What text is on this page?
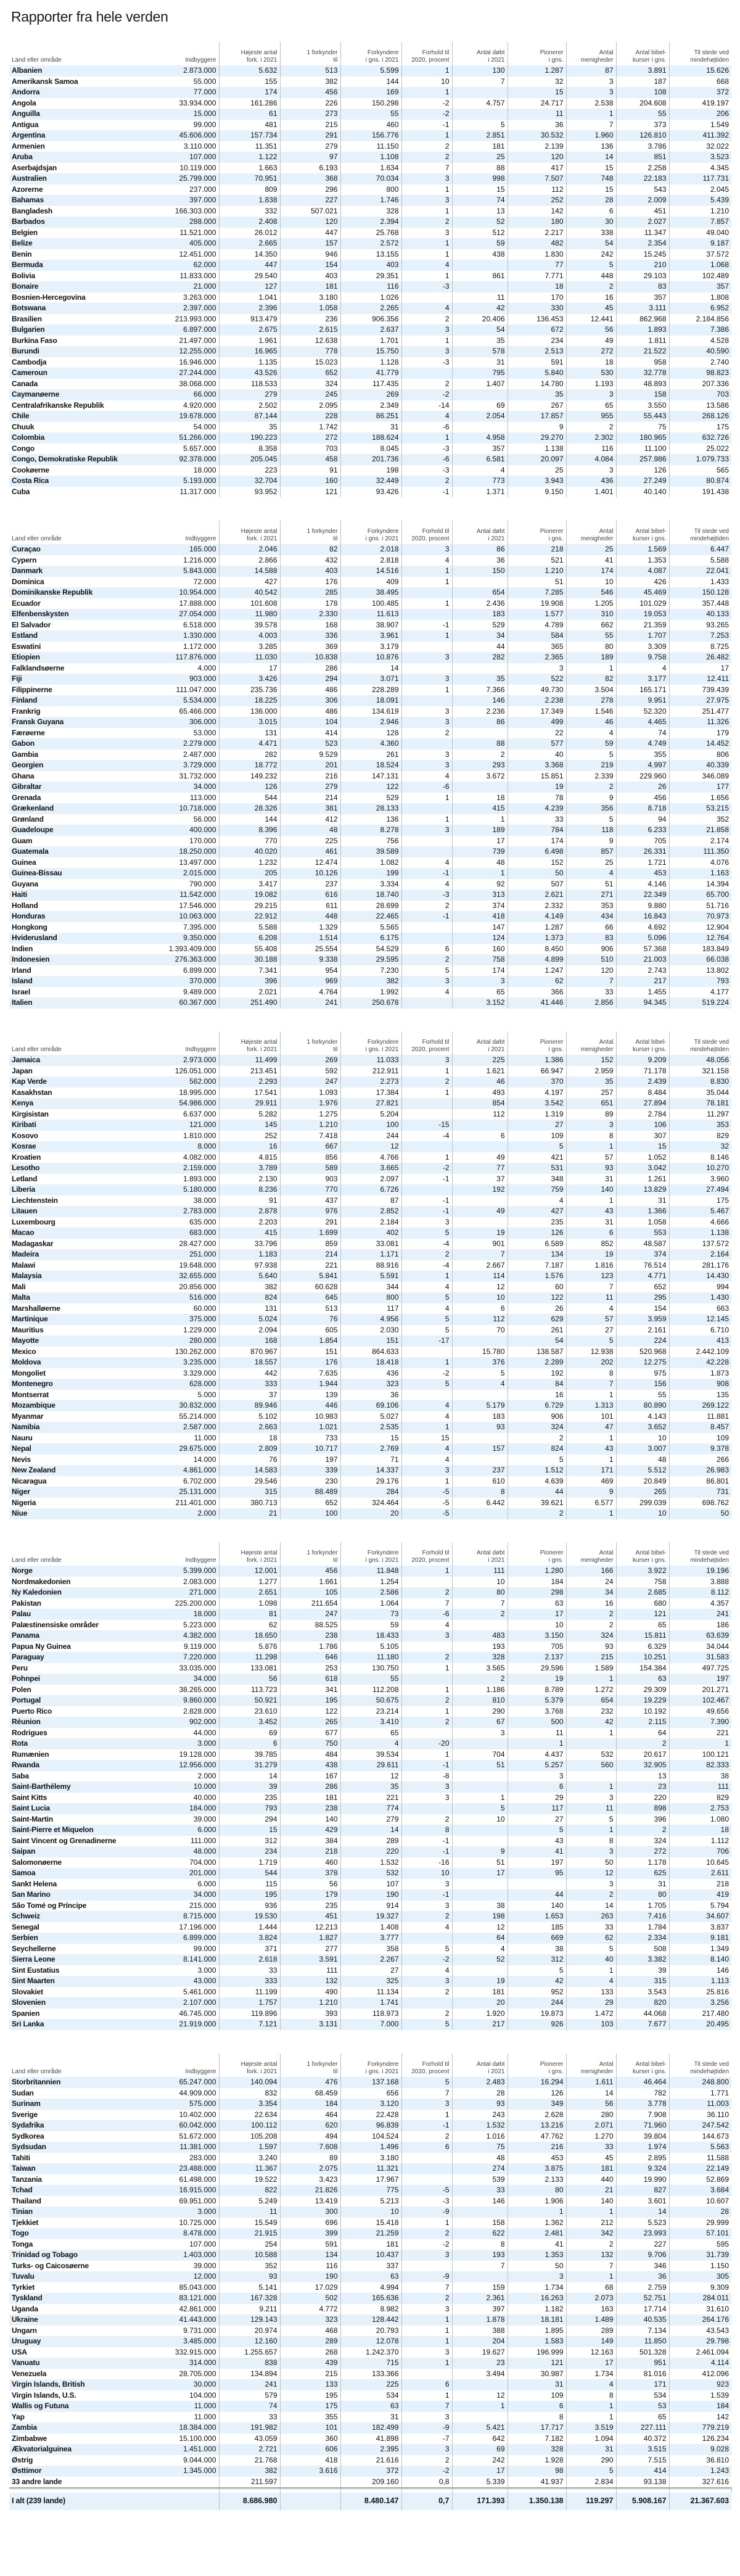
Rapporter fra hele verden
Land eller område	Indbyggere	Højeste antal
fork. i 2021	1 forkynder
til	Forkyndere
i gns. i 2021	Forhold til
2020, procent	Antal døbt
i 2021	Pionerer
i gns.	Antal
menigheder	Antal bibel-
kurser i gns.	Til stede ved
mindehøjtiden
Albanien	2.873.000	5.632	513	5.599	1	130	1.287	87	3.891	15.626
Amerikansk Samoa	55.000	155	382	144	10	7	32	3	187	668
Andorra	77.000	174	456	169	1		15	3	108	372
Angola	33.934.000	161.286	226	150.298	-2	4.757	24.717	2.538	204.608	419.197
Anguilla	15.000	61	273	55	-2		11	1	55	206
Antigua	99.000	481	215	460	-1	5	36	7	373	1.549
Argentina	45.606.000	157.734	291	156.776	1	2.851	30.532	1.960	126.810	411.392
Armenien	3.110.000	11.351	279	11.150	2	181	2.139	136	3.786	32.022
Aruba	107.000	1.122	97	1.108	2	25	120	14	851	3.523
Aserbajdsjan	10.119.000	1.663	6.193	1.634	7	88	417	15	2.258	4.345
Australien	25.799.000	70.951	368	70.034	3	998	7.507	748	22.183	117.731
Azorerne	237.000	809	296	800	1	15	112	15	543	2.045
Bahamas	397.000	1.838	227	1.746	3	74	252	28	2.009	5.439
Bangladesh	166.303.000	332	507.021	328	1	13	142	6	451	1.210
Barbados	288.000	2.408	120	2.394	2	52	180	30	2.027	7.857
Belgien	11.521.000	26.012	447	25.768	3	512	2.217	338	11.347	49.040
Belize	405.000	2.665	157	2.572	1	59	482	54	2.354	9.187
Benin	12.451.000	14.350	946	13.155	1	438	1.830	242	15.245	37.572
Bermuda	62.000	447	154	403	4		77	5	210	1.068
Bolivia	11.833.000	29.540	403	29.351	1	861	7.771	448	29.103	102.489
Bonaire	21.000	127	181	116	-3		18	2	83	357
Bosnien-Hercegovina	3.263.000	1.041	3.180	1.026		11	170	16	357	1.808
Botswana	2.397.000	2.396	1.058	2.265	4	42	330	45	3.111	6.952
Brasilien	213.993.000	913.479	236	906.356	2	20.406	136.453	12.441	862.968	2.184.856
Bulgarien	6.897.000	2.675	2.615	2.637	3	54	672	56	1.893	7.386
Burkina Faso	21.497.000	1.961	12.638	1.701	1	35	234	49	1.811	4.528
Burundi	12.255.000	16.965	778	15.750	3	578	2.513	272	21.522	40.590
Cambodja	16.946.000	1.135	15.023	1.128	-3	31	591	18	958	2.740
Cameroun	27.244.000	43.526	652	41.779		795	5.840	530	32.778	98.823
Canada	38.068.000	118.533	324	117.435	2	1.407	14.780	1.193	48.893	207.336
Caymanøerne	66.000	279	245	269	-2		35	3	158	703
Centralafrikanske Republik	4.920.000	2.502	2.095	2.349	-14	69	267	65	3.550	13.586
Chile	19.678.000	87.144	228	86.251	4	2.054	17.857	955	55.443	268.126
Chuuk	54.000	35	1.742	31	-6		9	2	75	175
Colombia	51.266.000	190.223	272	188.624	1	4.958	29.270	2.302	180.965	632.726
Congo	5.657.000	8.358	703	8.045	-3	357	1.138	116	11.100	25.022
Congo, Demokratiske Republik	92.378.000	205.045	458	201.736	-6	6.581	20.097	4.084	257.986	1.079.733
Cookøerne	18.000	223	91	198	-3	4	25	3	126	565
Costa Rica	5.193.000	32.704	160	32.449	2	773	3.943	436	27.249	80.874
Cuba	11.317.000	93.952	121	93.426	-1	1.371	9.150	1.401	40.140	191.438
Land eller område	Indbyggere	Højeste antal
fork. i 2021	1 forkynder
til	Forkyndere
i gns. i 2021	Forhold til
2020, procent	Antal døbt
i 2021	Pionerer
i gns.	Antal
menigheder	Antal bibel-
kurser i gns.	Til stede ved
mindehøjtiden
Curaçao	165.000	2.046	82	2.018	3	86	218	25	1.569	6.447
Cypern	1.216.000	2.866	432	2.818	4	36	521	41	1.353	5.588
Danmark	5.843.000	14.588	403	14.516	1	150	1.210	174	4.087	22.041
Dominica	72.000	427	176	409	1		51	10	426	1.433
Dominikanske Republik	10.954.000	40.542	285	38.495		654	7.285	546	45.469	150.128
Ecuador	17.888.000	101.608	178	100.485	1	2.436	19.908	1.205	101.029	357.448
Elfenbenskysten	27.054.000	11.980	2.330	11.613		183	1.577	310	19.053	40.133
El Salvador	6.518.000	39.578	168	38.907	-1	529	4.789	662	21.359	93.265
Estland	1.330.000	4.003	336	3.961	1	34	584	55	1.707	7.253
Eswatini	1.172.000	3.285	369	3.179		44	365	80	3.309	8.725
Etiopien	117.876.000	11.030	10.838	10.876	3	282	2.365	189	9.758	26.482
Falklandsøerne	4.000	17	286	14			3	1	4	17
Fiji	903.000	3.426	294	3.071	3	35	522	82	3.177	12.411
Filippinerne	111.047.000	235.736	486	228.289	1	7.366	49.730	3.504	165.171	739.439
Finland	5.534.000	18.225	306	18.091		146	2.238	278	9.951	27.975
Frankrig	65.466.000	136.000	486	134.619	3	2.236	17.349	1.546	52.320	251.477
Fransk Guyana	306.000	3.015	104	2.946	3	86	499	46	4.465	11.326
Færøerne	53.000	131	414	128	2		22	4	74	179
Gabon	2.279.000	4.471	523	4.360		88	577	59	4.749	14.452
Gambia	2.487.000	282	9.529	261	3	2	40	5	355	806
Georgien	3.729.000	18.772	201	18.524	3	293	3.368	219	4.997	40.339
Ghana	31.732.000	149.232	216	147.131	4	3.672	15.851	2.339	229.960	346.089
Gibraltar	34.000	126	279	122	-6		19	2	26	177
Grenada	113.000	544	214	529	1	18	78	9	456	1.656
Grækenland	10.718.000	28.326	381	28.133		415	4.239	356	8.718	53.215
Grønland	56.000	144	412	136	1	1	33	5	94	352
Guadeloupe	400.000	8.396	48	8.278	3	189	784	118	6.233	21.858
Guam	170.000	770	225	756		17	174	9	705	2.174
Guatemala	18.250.000	40.020	461	39.589		739	6.498	857	26.331	111.350
Guinea	13.497.000	1.232	12.474	1.082	4	48	152	25	1.721	4.076
Guinea-Bissau	2.015.000	205	10.126	199	-1	1	50	4	453	1.163
Guyana	790.000	3.417	237	3.334	4	92	507	51	4.146	14.394
Haiti	11.542.000	19.082	616	18.740	-3	313	2.621	271	22.349	65.700
Holland	17.546.000	29.215	611	28.699	2	374	2.332	353	9.880	51.716
Honduras	10.063.000	22.912	448	22.465	-1	418	4.149	434	16.843	70.973
Hongkong	7.395.000	5.588	1.329	5.565		147	1.287	66	4.692	12.904
Hviderusland	9.350.000	6.208	1.514	6.175		124	1.373	83	5.096	12.764
Indien	1.393.409.000	55.408	25.554	54.529	6	160	8.450	906	57.368	183.849
Indonesien	276.363.000	30.188	9.338	29.595	2	758	4.899	510	21.003	66.038
Irland	6.899.000	7.341	954	7.230	5	174	1.247	120	2.743	13.802
Island	370.000	396	969	382	3	3	62	7	217	793
Israel	9.489.000	2.021	4.764	1.992	4	65	366	33	1.455	4.177
Italien	60.367.000	251.490	241	250.678		3.152	41.446	2.856	94.345	519.224
Land eller område	Indbyggere	Højeste antal
fork. i 2021	1 forkynder
til	Forkyndere
i gns. i 2021	Forhold til
2020, procent	Antal døbt
i 2021	Pionerer
i gns.	Antal
menigheder	Antal bibel-
kurser i gns.	Til stede ved
mindehøjtiden
Jamaica	2.973.000	11.499	269	11.033	3	225	1.386	152	9.209	48.056
Japan	126.051.000	213.451	592	212.911	1	1.621	66.947	2.959	71.178	321.158
Kap Verde	562.000	2.293	247	2.273	2	46	370	35	2.439	8.830
Kasakhstan	18.995.000	17.541	1.093	17.384	1	493	4.197	257	8.484	35.044
Kenya	54.986.000	29.911	1.976	27.821		854	3.542	651	27.894	78.181
Kirgisistan	6.637.000	5.282	1.275	5.204		112	1.319	89	2.784	11.297
Kiribati	121.000	145	1.210	100	-15		27	3	106	353
Kosovo	1.810.000	252	7.418	244	-4	6	109	8	307	829
Kosrae	8.000	16	667	12			5	1	15	32
Kroatien	4.082.000	4.815	856	4.766	1	49	421	57	1.052	8.146
Lesotho	2.159.000	3.789	589	3.665	-2	77	531	93	3.042	10.270
Letland	1.893.000	2.130	903	2.097	-1	37	348	31	1.261	3.960
Liberia	5.180.000	8.236	770	6.726		192	759	140	13.829	27.494
Liechtenstein	38.000	91	437	87	-1		4	1	31	175
Litauen	2.783.000	2.878	976	2.852	-1	49	427	43	1.366	5.467
Luxembourg	635.000	2.203	291	2.184	3		235	31	1.058	4.666
Macao	683.000	415	1.699	402	5	19	126	6	553	1.138
Madagaskar	28.427.000	33.796	859	33.081	-4	901	6.589	852	48.587	137.572
Madeira	251.000	1.183	214	1.171	2	7	134	19	374	2.164
Malawi	19.648.000	97.938	221	88.916	-4	2.667	7.187	1.816	76.514	281.176
Malaysia	32.655.000	5.640	5.841	5.591	1	114	1.576	123	4.771	14.430
Mali	20.856.000	382	60.628	344	4	12	60	7	652	994
Malta	516.000	824	645	800	5	10	122	11	295	1.430
Marshalløerne	60.000	131	513	117	4	6	26	4	154	663
Martinique	375.000	5.024	76	4.956	5	112	629	57	3.959	12.145
Mauritius	1.229.000	2.094	605	2.030	5	70	261	27	2.161	6.710
Mayotte	280.000	168	1.854	151	-17		54	5	224	413
Mexico	130.262.000	870.967	151	864.633		15.780	138.587	12.938	520.968	2.442.109
Moldova	3.235.000	18.557	176	18.418	1	376	2.289	202	12.275	42.228
Mongoliet	3.329.000	442	7.635	436	-2	5	192	8	975	1.873
Montenegro	628.000	333	1.944	323	5	4	84	7	156	908
Montserrat	5.000	37	139	36			16	1	55	135
Mozambique	30.832.000	89.946	446	69.106	4	5.179	6.729	1.313	80.890	269.122
Myanmar	55.214.000	5.102	10.983	5.027	4	183	906	101	4.143	11.881
Namibia	2.587.000	2.663	1.021	2.535	1	93	324	47	3.652	8.457
Nauru	11.000	18	733	15	15		2	1	10	109
Nepal	29.675.000	2.809	10.717	2.769	4	157	824	43	3.007	9.378
Nevis	14.000	76	197	71	4		5	1	48	266
New Zealand	4.861.000	14.583	339	14.337	3	237	1.512	171	5.512	26.983
Nicaragua	6.702.000	29.546	230	29.176	1	610	4.639	469	20.849	86.801
Niger	25.131.000	315	88.489	284	-5	8	44	9	265	731
Nigeria	211.401.000	380.713	652	324.464	-5	6.442	39.621	6.577	299.039	698.762
Niue	2.000	21	100	20	-5		2	1	10	50
Land eller område	Indbyggere	Højeste antal
fork. i 2021	1 forkynder
til	Forkyndere
i gns. i 2021	Forhold til
2020, procent	Antal døbt
i 2021	Pionerer
i gns.	Antal
menigheder	Antal bibel-
kurser i gns.	Til stede ved
mindehøjtiden
Norge	5.399.000	12.001	456	11.848	1	111	1.280	166	3.922	19.196
Nordmakedonien	2.083.000	1.277	1.661	1.254		10	184	24	758	3.888
Ny Kaledonien	271.000	2.651	105	2.586	2	80	298	34	2.685	8.112
Pakistan	225.200.000	1.098	211.654	1.064	7	7	63	16	680	4.357
Palau	18.000	81	247	73	-6	2	17	2	121	241
Palæstinensiske områder	5.223.000	62	88.525	59	4		10	2	65	186
Panama	4.382.000	18.650	238	18.433	3	483	3.150	324	15.811	63.639
Papua Ny Guinea	9.119.000	5.876	1.786	5.105		193	705	93	6.329	34.044
Paraguay	7.220.000	11.298	646	11.180	2	328	2.137	215	10.251	31.583
Peru	33.035.000	133.081	253	130.750	1	3.565	29.596	1.589	154.384	497.725
Pohnpei	34.000	56	618	55		2	19	1	63	197
Polen	38.265.000	113.723	341	112.208	1	1.186	8.789	1.272	29.309	201.271
Portugal	9.860.000	50.921	195	50.675	2	810	5.379	654	19.229	102.467
Puerto Rico	2.828.000	23.610	122	23.214	1	290	3.768	232	10.192	49.656
Réunion	902.000	3.452	265	3.410	2	67	500	42	2.115	7.390
Rodrigues	44.000	69	677	65		3	11	1	64	221
Rota	3.000	6	750	4	-20		1		2	1
Rumænien	19.128.000	39.785	484	39.534	1	704	4.437	532	20.617	100.121
Rwanda	12.956.000	31.279	438	29.611	-1	51	5.257	560	32.905	82.333
Saba	2.000	14	167	12	-8		3		13	38
Saint-Barthélemy	10.000	39	286	35	3		6	1	23	111
Saint Kitts	40.000	235	181	221	3	1	29	3	220	829
Saint Lucia	184.000	793	238	774		5	117	11	898	2.753
Saint-Martin	39.000	294	140	279	2	10	27	5	396	1.080
Saint-Pierre et Miquelon	6.000	15	429	14	8		5	1	2	18
Saint Vincent og Grenadinerne	111.000	312	384	289	-1		43	8	324	1.112
Saipan	48.000	234	218	220	-1	9	41	3	272	706
Salomonøerne	704.000	1.719	460	1.532	-16	51	197	50	1.178	10.645
Samoa	201.000	544	378	532	10	17	95	12	625	2.611
Sankt Helena	6.000	115	56	107	3			3	31	218
San Marino	34.000	195	179	190	-1		44	2	80	419
São Tomé og Príncipe	215.000	936	235	914	3	38	140	14	1.705	5.794
Schweiz	8.715.000	19.530	451	19.327	2	198	1.653	263	7.416	34.607
Senegal	17.196.000	1.444	12.213	1.408	4	12	185	33	1.784	3.837
Serbien	6.899.000	3.824	1.827	3.777		64	669	62	2.334	9.181
Seychellerne	99.000	371	277	358	5	4	38	5	508	1.349
Sierra Leone	8.141.000	2.618	3.591	2.267	-2	52	312	40	3.382	8.140
Sint Eustatius	3.000	33	111	27	4		5	1	39	146
Sint Maarten	43.000	333	132	325	3	19	42	4	315	1.113
Slovakiet	5.461.000	11.199	490	11.134	2	181	952	133	3.543	25.816
Slovenien	2.107.000	1.757	1.210	1.741		20	244	29	820	3.256
Spanien	46.745.000	119.896	393	118.973	2	1.920	19.873	1.472	44.068	217.480
Sri Lanka	21.919.000	7.121	3.131	7.000	5	217	926	103	7.677	20.495
Land eller område	Indbyggere	Højeste antal
fork. i 2021	1 forkynder
til	Forkyndere
i gns. i 2021	Forhold til
2020, procent	Antal døbt
i 2021	Pionerer
i gns.	Antal
menigheder	Antal bibel-
kurser i gns.	Til stede ved
mindehøjtiden
Storbritannien	65.247.000	140.094	476	137.168	5	2.483	16.294	1.611	46.464	248.800
Sudan	44.909.000	832	68.459	656	7	28	126	14	782	1.771
Surinam	575.000	3.354	184	3.120	3	93	349	56	3.778	11.003
Sverige	10.402.000	22.634	464	22.428	1	243	2.628	280	7.908	36.110
Sydafrika	60.042.000	100.112	620	96.839	-1	1.532	13.216	2.071	71.960	247.542
Sydkorea	51.672.000	105.208	494	104.524	2	1.016	47.762	1.270	39.804	144.673
Sydsudan	11.381.000	1.597	7.608	1.496	6	75	216	33	1.974	5.563
Tahiti	283.000	3.240	89	3.180		48	453	45	2.895	11.588
Taiwan	23.488.000	11.367	2.075	11.321		274	3.875	181	9.324	22.149
Tanzania	61.498.000	19.522	3.423	17.967		539	2.133	440	19.990	52.869
Tchad	16.915.000	822	21.826	775	-5	33	80	21	827	3.684
Thailand	69.951.000	5.249	13.419	5.213	-3	146	1.906	140	3.601	10.607
Tinian	3.000	11	300	10	-9		1	1	14	28
Tjekkiet	10.725.000	15.549	696	15.418	1	158	1.362	212	5.523	29.999
Togo	8.478.000	21.915	399	21.259	2	622	2.481	342	23.993	57.101
Tonga	107.000	254	591	181	-2	8	41	2	227	595
Trinidad og Tobago	1.403.000	10.588	134	10.437	3	193	1.353	132	9.706	31.739
Turks- og Caicosøerne	39.000	352	116	337		7	50	7	346	1.150
Tuvalu	12.000	93	190	63	-9		3	1	36	305
Tyrkiet	85.043.000	5.141	17.029	4.994	7	159	1.734	68	2.759	9.309
Tyskland	83.121.000	167.328	502	165.636	2	2.361	16.263	2.073	52.751	284.011
Uganda	42.861.000	9.211	4.772	8.982	3	397	1.182	163	17.714	31.610
Ukraine	41.443.000	129.143	323	128.442	1	1.878	18.181	1.489	40.535	264.176
Ungarn	9.731.000	20.974	468	20.793	1	388	1.895	289	7.134	43.543
Uruguay	3.485.000	12.160	289	12.078	1	204	1.583	149	11.850	29.798
USA	332.915.000	1.255.657	268	1.242.370	3	19.627	196.999	12.163	501.328	2.461.094
Vanuatu	314.000	838	439	715	1	23	121	17	951	4.114
Venezuela	28.705.000	134.894	215	133.366		3.494	30.987	1.734	81.016	412.096
Virgin Islands, British	30.000	241	133	225	6		31	4	171	923
Virgin Islands, U.S.	104.000	579	195	534	1	12	109	8	534	1.539
Wallis og Futuna	11.000	74	175	63	7	1	6	1	53	184
Yap	11.000	33	355	31	3		8	1	65	142
Zambia	18.384.000	191.982	101	182.499	-9	5.421	17.717	3.519	227.111	779.219
Zimbabwe	15.100.000	43.059	360	41.898	-7	642	7.182	1.094	40.372	126.234
Ækvatorialguinea	1.451.000	2.721	606	2.395	3	69	328	31	3.515	9.028
Østrig	9.044.000	21.768	418	21.616	2	242	1.928	290	7.515	36.810
Østtimor	1.345.000	382	3.616	372	-2	17	98	5	414	1.243
33 andre lande		211.597		209.160	0,8	5.339	41.937	2.834	93.138	327.616

I alt (239 lande)		8.686.980		8.480.147	0,7	171.393	1.350.138	119.297	5.908.167	21.367.603
